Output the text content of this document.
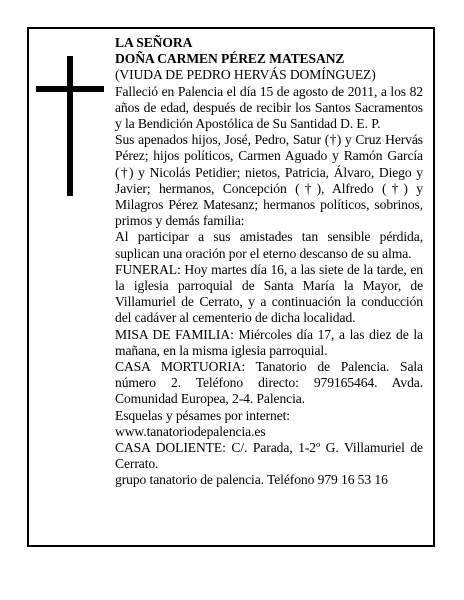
LA SEÑORA

DOÑA CARMEN PÉREZ MATESANZ

(VIUDA DE PEDRO HERVÁS DOMÍNGUEZ)

Falleció en Palencia el día 15 de agosto de 2011, a los 82 años de edad, después de recibir los Santos Sacramentos y la Bendición Apostólica de Su Santidad D. E. P.

Sus apenados hijos, José, Pedro, Satur (†) y Cruz Hervás Pérez; hijos políticos, Carmen Aguado y Ramón García (†) y Nicolás Petidier; nietos, Patricia, Álvaro, Diego y Javier; hermanos, Concepción (†), Alfredo (†) y Milagros Pérez Matesanz; hermanos políticos, sobrinos, primos y demás familia:

Al participar a sus amistades tan sensible pérdida, suplican una oración por el eterno descanso de su alma.

FUNERAL: Hoy martes día 16, a las siete de la tarde, en la iglesia parroquial de Santa María la Mayor, de Villamuriel de Cerrato, y a continuación la conducción del cadáver al cementerio de dicha localidad.

MISA DE FAMILIA: Miércoles día 17, a las diez de la mañana, en la misma iglesia parroquial.

CASA MORTUORIA: Tanatorio de Palencia. Sala número 2. Teléfono directo: 979165464. Avda. Comunidad Europea, 2-4. Palencia.

Esquelas y pésames por internet:

www.tanatoriodepalencia.es

CASA DOLIENTE: C/. Parada, 1-2º G. Villamuriel de Cerrato.

grupo tanatorio de palencia. Teléfono 979 16 53 16
